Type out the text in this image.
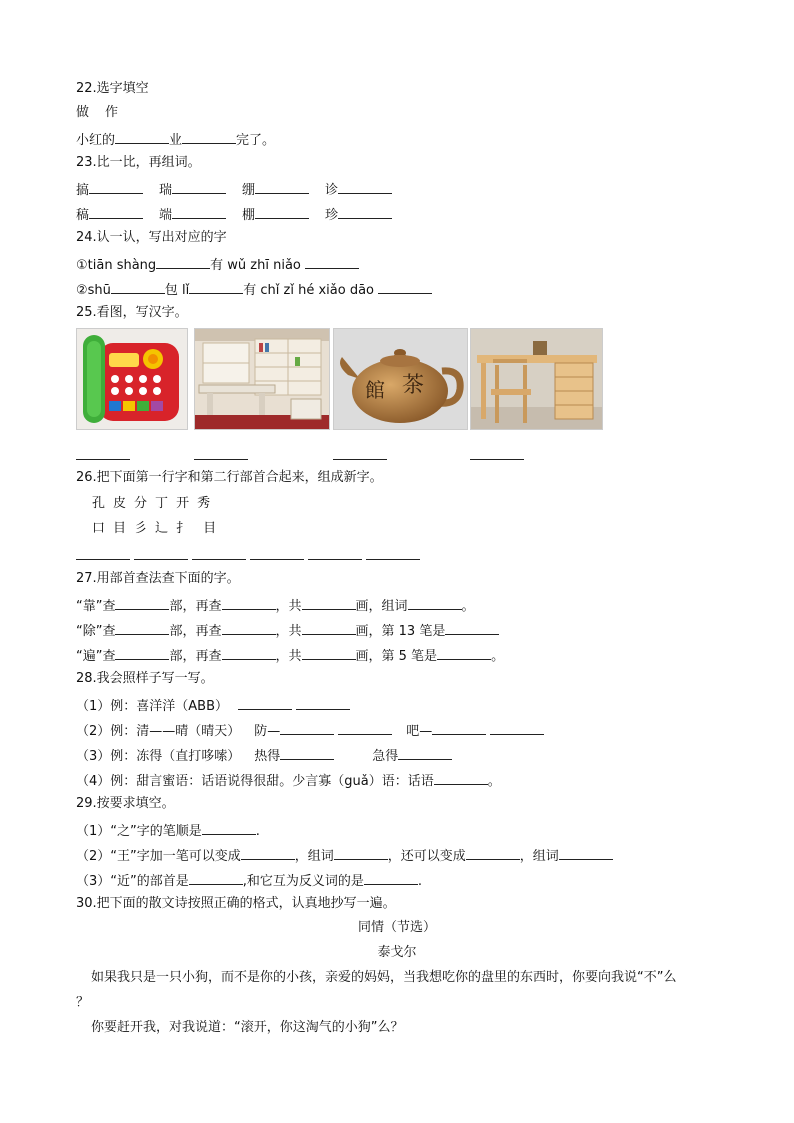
22.选字填空
做 作
小红的	业	完了。
23.比一比，再组词。
搞	瑞	绷	诊
稿	端	棚	珍
24.认一认，写出对应的字
①tiān shàng	有 wǔ zhī niǎo
②shū	包 lǐ	有 chǐ zǐ hé xiǎo dāo
25.看图，写汉字。
館 茶
26.把下面第一行字和第二行部首合起来，组成新字。
孔 皮 分 丁 开 秀
口 目 彡 辶 扌 目
27.用部首查法查下面的字。
“靠”查	部，再查	，共	画，组词	。
“除”查	部，再查	，共	画，第 13 笔是
“遍”查	部，再查	，共	画，第 5 笔是	。
28.我会照样子写一写。
（1）例：喜洋洋（ABB）
（2）例：清——晴（晴天） 防—	吧—
（3）例：冻得（直打哆嗦） 热得	急得
（4）例：甜言蜜语：话语说得很甜。少言寡（guǎ）语：话语	。
29.按要求填空。
（1）“之”字的笔顺是	.
（2）“王”字加一笔可以变成	，组词	，还可以变成	，组词
（3）“近”的部首是	,和它互为反义词的是	.
30.把下面的散文诗按照正确的格式，认真地抄写一遍。
同情（节选）
泰戈尔
如果我只是一只小狗，而不是你的小孩，亲爱的妈妈，当我想吃你的盘里的东西时，你要向我说“不”么
？
你要赶开我，对我说道：“滚开，你这淘气的小狗”么？
